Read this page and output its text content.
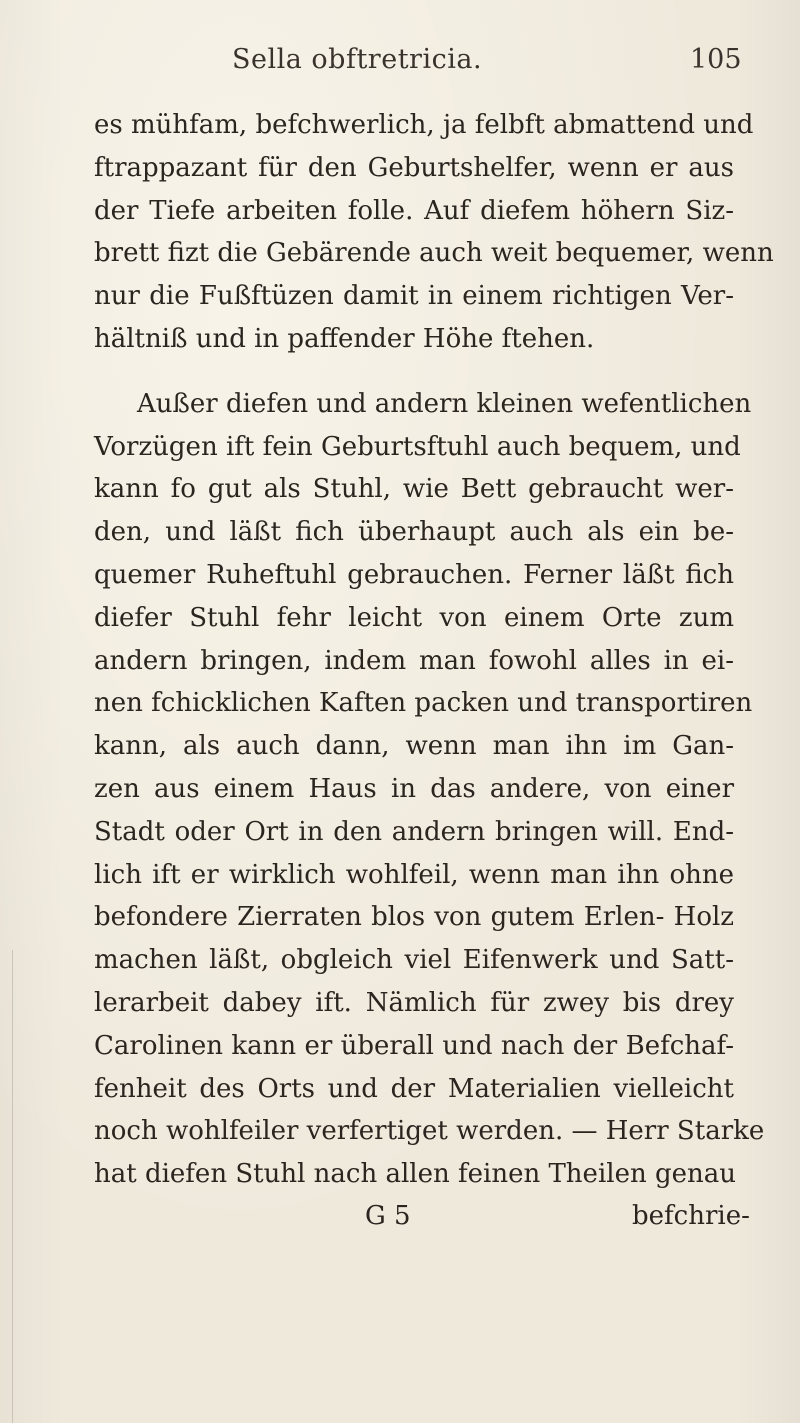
Sella obftretricia.	105
es mühfam, befchwerlich, ja felbft abmattend und
ftrappazant für den Geburtshelfer, wenn er aus
der Tiefe arbeiten folle. Auf diefem höhern Siz-
brett fizt die Gebärende auch weit bequemer, wenn
nur die Fußftüzen damit in einem richtigen Ver-
hältniß und in paffender Höhe ftehen.
Außer diefen und andern kleinen wefentlichen
Vorzügen ift fein Geburtsftuhl auch bequem, und
kann fo gut als Stuhl, wie Bett gebraucht wer-
den, und läßt fich überhaupt auch als ein be-
quemer Ruheftuhl gebrauchen. Ferner läßt fich
diefer Stuhl fehr leicht von einem Orte zum
andern bringen, indem man fowohl alles in ei-
nen fchicklichen Kaften packen und transportiren
kann, als auch dann, wenn man ihn im Gan-
zen aus einem Haus in das andere, von einer
Stadt oder Ort in den andern bringen will. End-
lich ift er wirklich wohlfeil, wenn man ihn ohne
befondere Zierraten blos von gutem Erlen- Holz
machen läßt, obgleich viel Eifenwerk und Satt-
lerarbeit dabey ift. Nämlich für zwey bis drey
Carolinen kann er überall und nach der Befchaf-
fenheit des Orts und der Materialien vielleicht
noch wohlfeiler verfertiget werden. — Herr Starke
hat diefen Stuhl nach allen feinen Theilen genau
G 5	befchrie-
